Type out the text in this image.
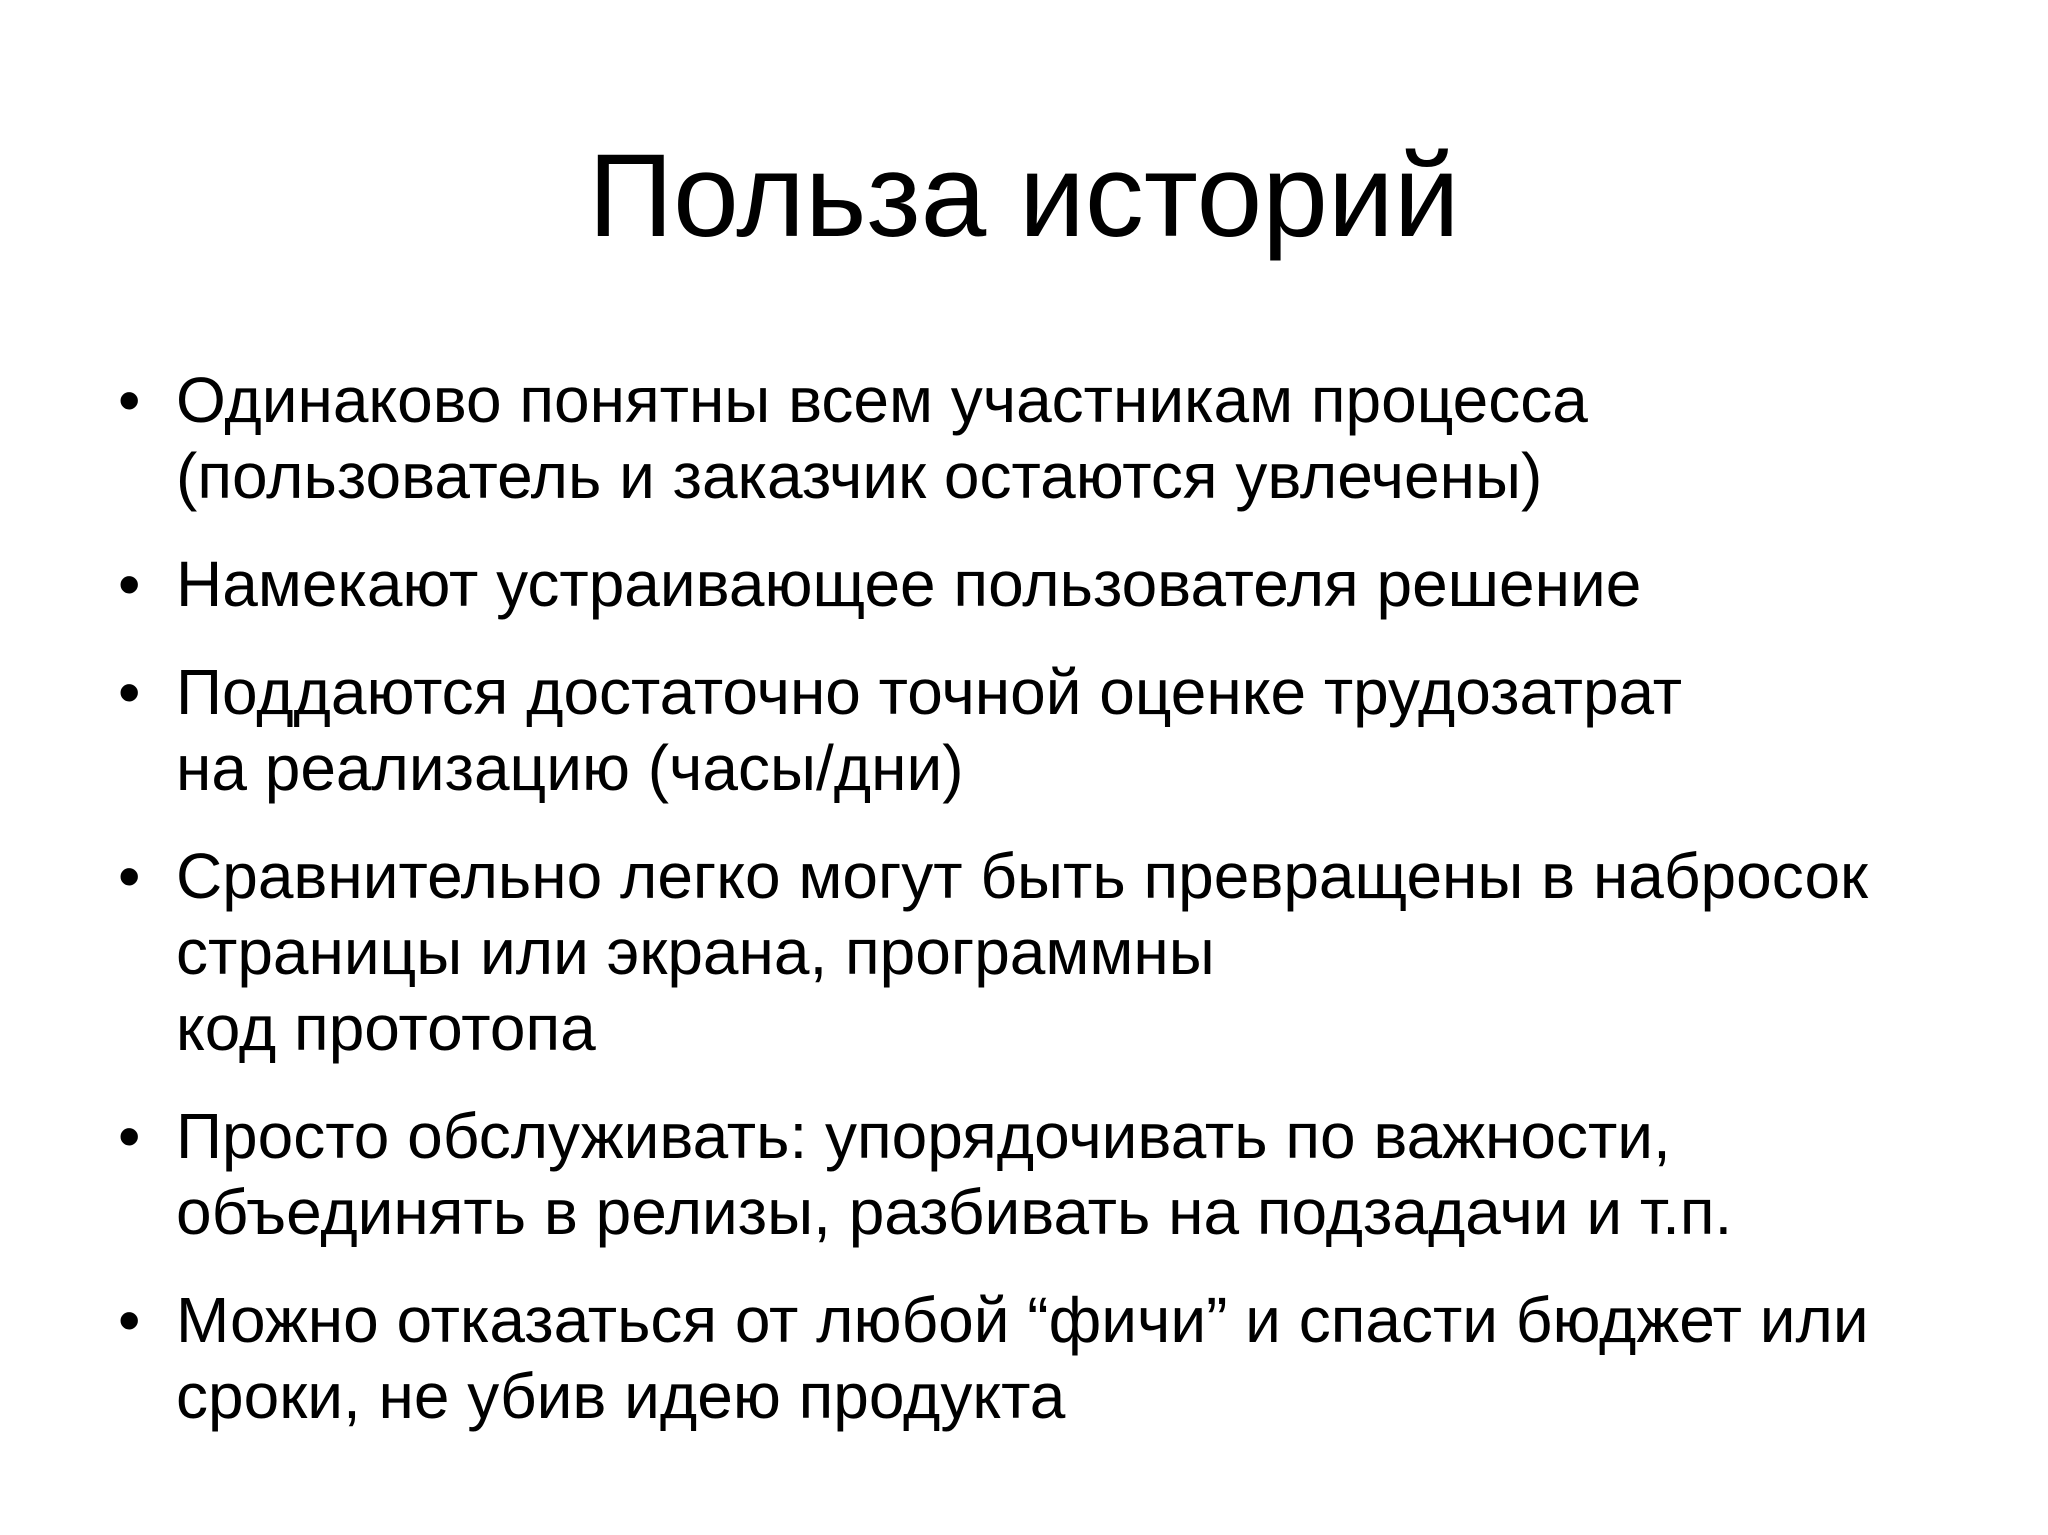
Польза историй
• Одинаково понятны всем участникам процесса
(пользователь и заказчик остаются увлечены)
• Намекают устраивающее пользователя решение
• Поддаются достаточно точной оценке трудозатрат
на реализацию (часы/дни)
• Сравнительно легко могут быть превращены в набросок
страницы или экрана, программны
код прототопа
• Просто обслуживать: упорядочивать по важности,
объединять в релизы, разбивать на подзадачи и т.п.
• Можно отказаться от любой “фичи” и спасти бюджет или
сроки, не убив идею продукта
